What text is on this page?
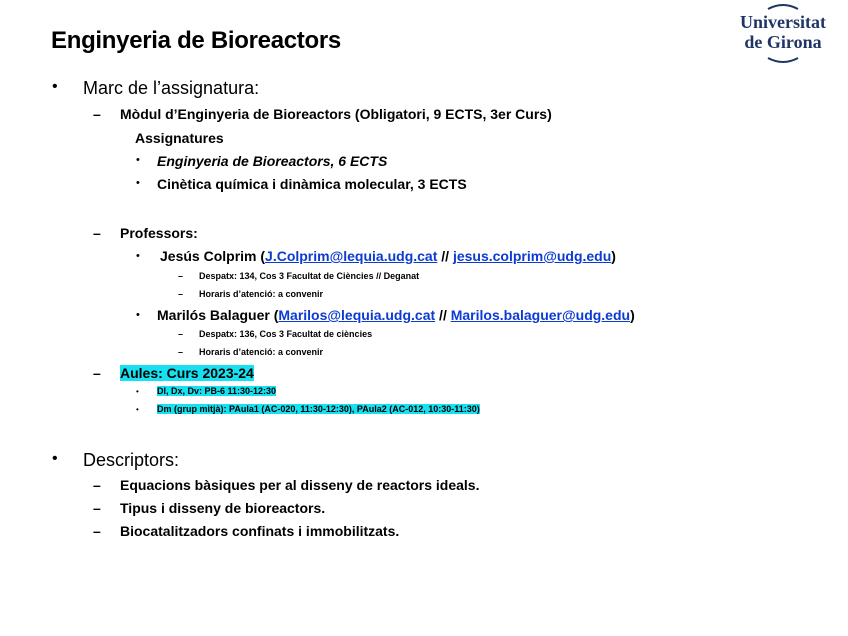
Universitat
de Girona
Enginyeria de Bioreactors
• Marc de l’assignatura:
– Mòdul d’Enginyeria de Bioreactors (Obligatori, 9 ECTS, 3er Curs)
Assignatures
• Enginyeria de Bioreactors, 6 ECTS
• Cinètica química i dinàmica molecular, 3 ECTS
– Professors:
• Jesús Colprim (J.Colprim@lequia.udg.cat // jesus.colprim@udg.edu)
– Despatx: 134, Cos 3 Facultat de Ciències // Deganat
– Horaris d’atenció: a convenir
• Marilós Balaguer (Marilos@lequia.udg.cat // Marilos.balaguer@udg.edu)
– Despatx: 136, Cos 3 Facultat de ciències
– Horaris d’atenció: a convenir
– Aules: Curs 2023-24
• Dl, Dx, Dv: PB-6 11:30-12:30
• Dm (grup mitjà): PAula1 (AC-020, 11:30-12:30), PAula2 (AC-012, 10:30-11:30)
• Descriptors:
– Equacions bàsiques per al disseny de reactors ideals.
– Tipus i disseny de bioreactors.
– Biocatalitzadors confinats i immobilitzats.
